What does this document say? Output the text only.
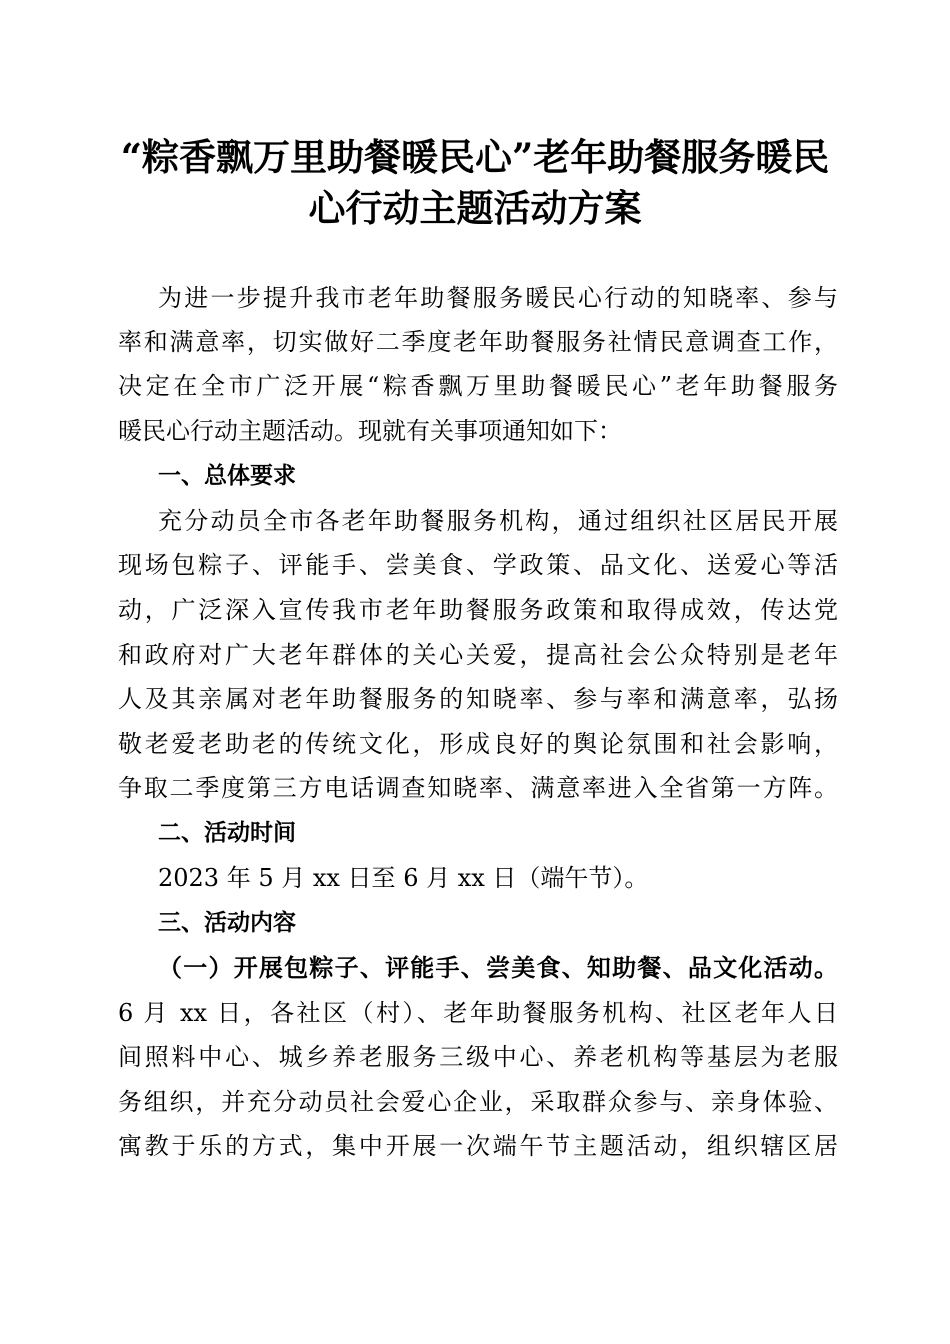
“粽香飘万里助餐暖民心”老年助餐服务暖民
心行动主题活动方案
为进一步提升我市老年助餐服务暖民心行动的知晓率、参与
率和满意率，切实做好二季度老年助餐服务社情民意调查工作，
决定在全市广泛开展“粽香飘万里助餐暖民心”老年助餐服务
暖民心行动主题活动。现就有关事项通知如下：
一、总体要求
充分动员全市各老年助餐服务机构，通过组织社区居民开展
现场包粽子、评能手、尝美食、学政策、品文化、送爱心等活
动，广泛深入宣传我市老年助餐服务政策和取得成效，传达党
和政府对广大老年群体的关心关爱，提高社会公众特别是老年
人及其亲属对老年助餐服务的知晓率、参与率和满意率，弘扬
敬老爱老助老的传统文化，形成良好的舆论氛围和社会影响，
争取二季度第三方电话调查知晓率、满意率进入全省第一方阵。
二、活动时间
2023 年 5 月 xx 日至 6 月 xx 日（端午节）。
三、活动内容
（一）开展包粽子、评能手、尝美食、知助餐、品文化活动。
6 月 xx 日，各社区（村）、老年助餐服务机构、社区老年人日
间照料中心、城乡养老服务三级中心、养老机构等基层为老服
务组织，并充分动员社会爱心企业，采取群众参与、亲身体验、
寓教于乐的方式，集中开展一次端午节主题活动，组织辖区居
